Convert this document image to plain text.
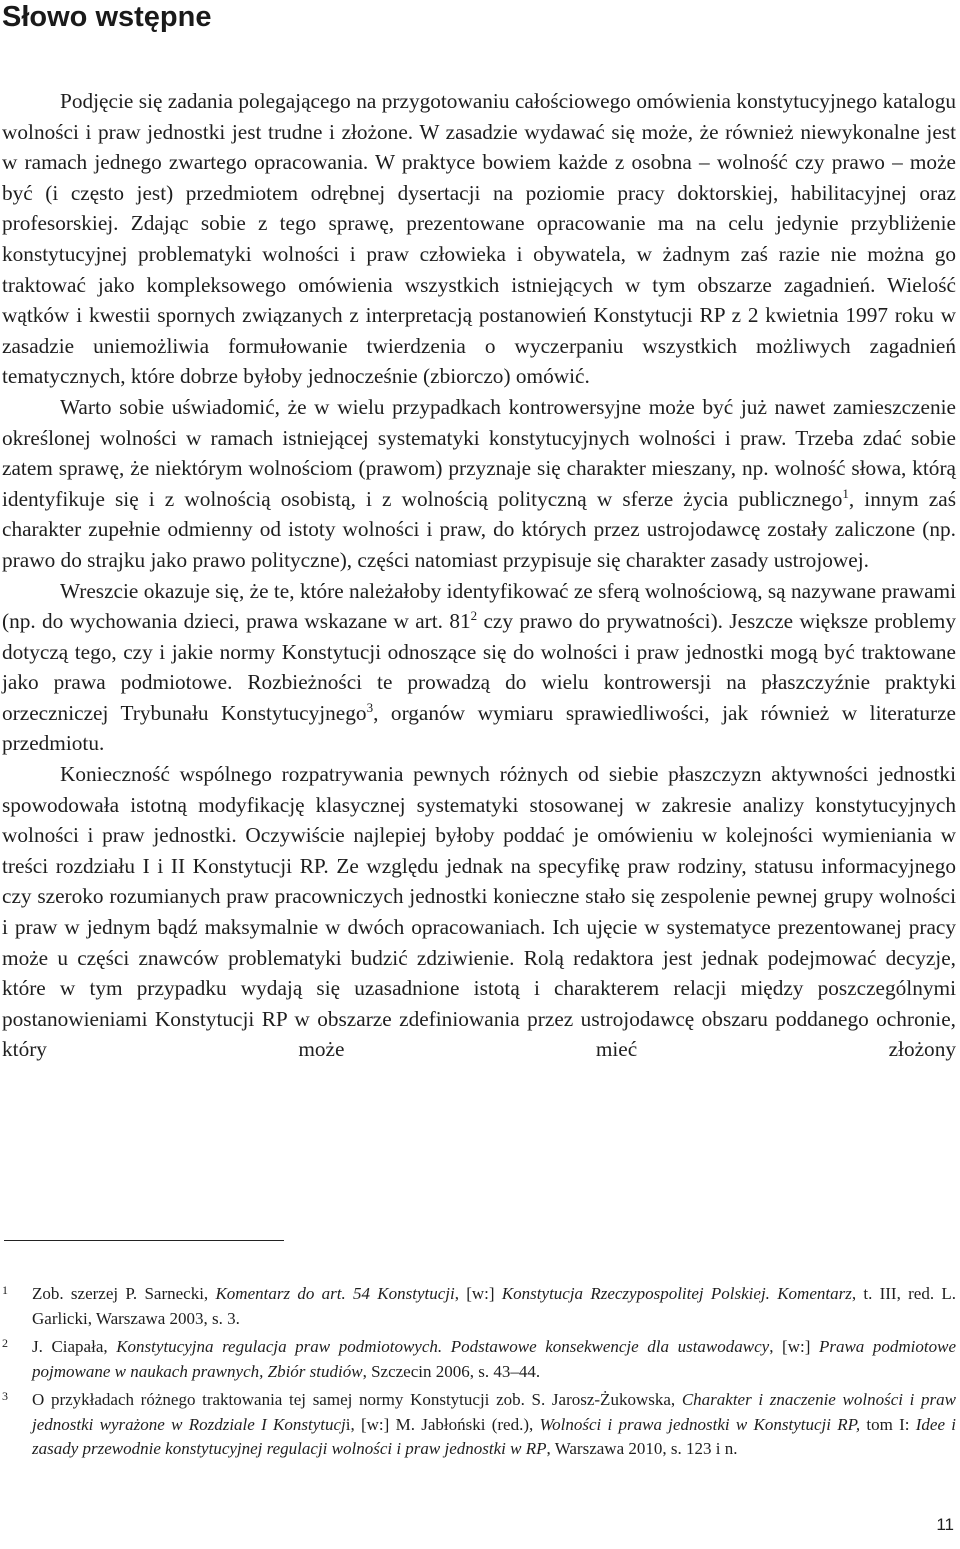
Słowo wstępne

Podjęcie się zadania polegającego na przygotowaniu całościowego omówienia konstytucyjnego katalogu wolności i praw jednostki jest trudne i złożone. W zasadzie wydawać się może, że również niewykonalne jest w ramach jednego zwartego opracowania. W praktyce bowiem każde z osobna – wolność czy prawo – może być (i często jest) przedmiotem odrębnej dysertacji na poziomie pracy doktorskiej, habilitacyjnej oraz profesorskiej. Zdając sobie z tego sprawę, prezentowane opracowanie ma na celu jedynie przybliżenie konstytucyjnej problematyki wolności i praw człowieka i obywatela, w żadnym zaś razie nie można go traktować jako kompleksowego omówienia wszystkich istniejących w tym obszarze zagadnień. Wielość wątków i kwestii spornych związanych z interpretacją postanowień Konstytucji RP z 2 kwietnia 1997 roku w zasadzie uniemożliwia formułowanie twierdzenia o wyczerpaniu wszystkich możliwych zagadnień tematycznych, które dobrze byłoby jednocześnie (zbiorczo) omówić.

Warto sobie uświadomić, że w wielu przypadkach kontrowersyjne może być już nawet zamieszczenie określonej wolności w ramach istniejącej systematyki konstytucyjnych wolności i praw. Trzeba zdać sobie zatem sprawę, że niektórym wolnościom (prawom) przyznaje się charakter mieszany, np. wolność słowa, którą identyfikuje się i z wolnością osobistą, i z wolnością polityczną w sferze życia publicznego$^1$, innym zaś charakter zupełnie odmienny od istoty wolności i praw, do których przez ustrojodawcę zostały zaliczone (np. prawo do strajku jako prawo polityczne), części natomiast przypisuje się charakter zasady ustrojowej.

Wreszcie okazuje się, że te, które należałoby identyfikować ze sferą wolnościową, są nazywane prawami (np. do wychowania dzieci, prawa wskazane w art. $81^2$ czy prawo do prywatności). Jeszcze większe problemy dotyczą tego, czy i jakie normy Konstytucji odnoszące się do wolności i praw jednostki mogą być traktowane jako prawa podmiotowe. Rozbieżności te prowadzą do wielu kontrowersji na płaszczyźnie praktyki orzeczniczej Trybunału Konstytucyjnego$^3$, organów wymiaru sprawiedliwości, jak również w literaturze przedmiotu.

Konieczność wspólnego rozpatrywania pewnych różnych od siebie płaszczyzn aktywności jednostki spowodowała istotną modyfikację klasycznej systematyki stosowanej w zakresie analizy konstytucyjnych wolności i praw jednostki. Oczywiście najlepiej byłoby poddać je omówieniu w kolejności wymieniania w treści rozdziału I i II Konstytucji RP. Ze względu jednak na specyfikę praw rodziny, statusu informacyjnego czy szeroko rozumianych praw pracowniczych jednostki konieczne stało się zespolenie pewnej grupy wolności i praw w jednym bądź maksymalnie w dwóch opracowaniach. Ich ujęcie w systematyce prezentowanej pracy może u części znawców problematyki budzić zdziwienie. Rolą redaktora jest jednak podejmować decyzje, które w tym przypadku wydają się uzasadnione istotą i charakterem relacji między poszczególnymi postanowieniami Konstytucji RP w obszarze zdefiniowania przez ustrojodawcę obszaru poddanego ochronie, który może mieć złożony

1 Zob. szerzej P. Sarnecki, Komentarz do art. 54 Konstytucji, [w:] Konstytucja Rzeczypospolitej Polskiej. Komentarz, t. III, red. L. Garlicki, Warszawa 2003, s. 3.
2 J. Ciapała, Konstytucyjna regulacja praw podmiotowych. Podstawowe konsekwencje dla ustawodawcy, [w:] Prawa podmiotowe pojmowane w naukach prawnych, Zbiór studiów, Szczecin 2006, s. 43–44.
3 O przykładach różnego traktowania tej samej normy Konstytucji zob. S. Jarosz-Żukowska, Charakter i znaczenie wolności i praw jednostki wyrażone w Rozdziale I Konstytucji, [w:] M. Jabłoński (red.), Wolności i prawa jednostki w Konstytucji RP, tom I: Idee i zasady przewodnie konstytucyjnej regulacji wolności i praw jednostki w RP, Warszawa 2010, s. 123 i n.
11
